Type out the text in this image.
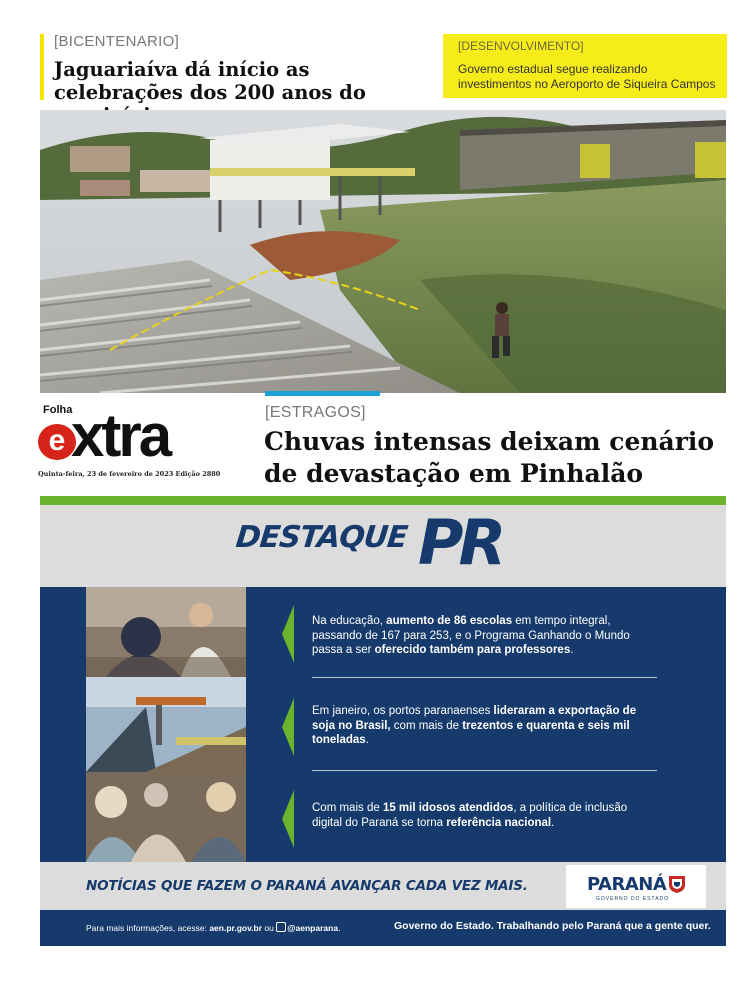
[BICENTENARIO]
Jaguariaíva dá início as celebrações dos 200 anos do
[DESENVOLVIMENTO]
Governo estadual segue realizando investimentos no Aeroporto de Siqueira Campos
Folha
e xtra
Quinta-feira, 23 de fevereiro de 2023 Edição 2880
[ESTRAGOS]
Chuvas intensas deixam cenário de devastação em Pinhalão
DESTAQUE PR

Na educação, aumento de 86 escolas em tempo integral, passando de 167 para 253, e o Programa Ganhando o Mundo passa a ser oferecido também para professores.

Em janeiro, os portos paranaenses lideraram a exportação de soja no Brasil, com mais de trezentos e quarenta e seis mil toneladas.

Com mais de 15 mil idosos atendidos, a política de inclusão digital do Paraná se torna referência nacional.

NOTÍCIAS QUE FAZEM O PARANÁ AVANÇAR CADA VEZ MAIS.	PARANÁ
GOVERNO DO ESTADO
Para mais informações, acesse: aen.pr.gov.br ou @aenparana.	Governo do Estado. Trabalhando pelo Paraná que a gente quer.
